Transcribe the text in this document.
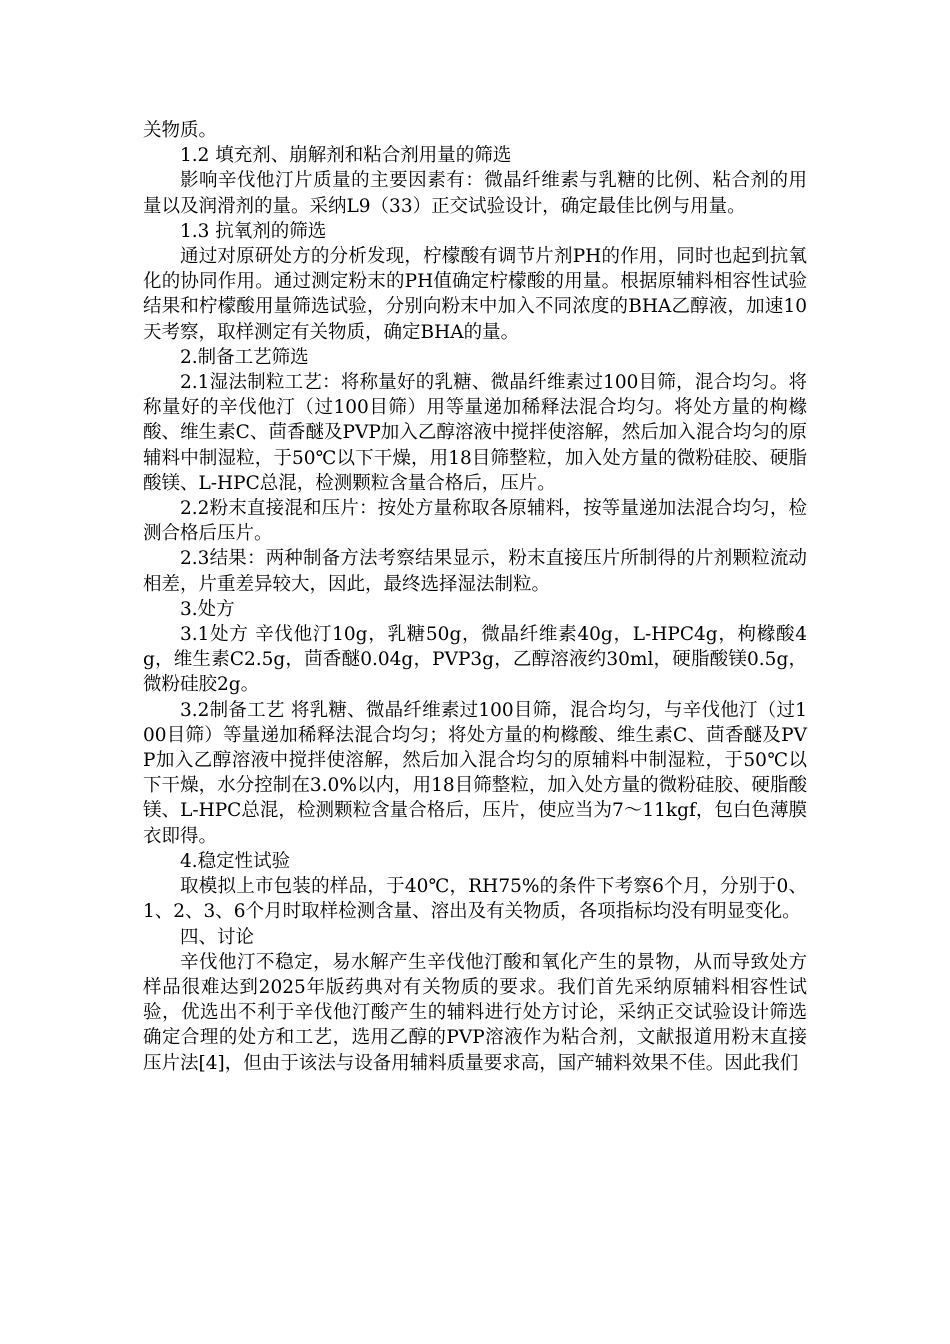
关物质。

1.2 填充剂、崩解剂和粘合剂用量的筛选

影响辛伐他汀片质量的主要因素有：微晶纤维素与乳糖的比例、粘合剂的用量以及润滑剂的量。采纳L9（33）正交试验设计，确定最佳比例与用量。

1.3 抗氧剂的筛选

通过对原研处方的分析发现，柠檬酸有调节片剂PH的作用，同时也起到抗氧化的协同作用。通过测定粉末的PH值确定柠檬酸的用量。根据原辅料相容性试验结果和柠檬酸用量筛选试验，分别向粉末中加入不同浓度的BHA乙醇液，加速10天考察，取样测定有关物质，确定BHA的量。

2.制备工艺筛选

2.1湿法制粒工艺：将称量好的乳糖、微晶纤维素过100目筛，混合均匀。将称量好的辛伐他汀（过100目筛）用等量递加稀释法混合均匀。将处方量的枸橼酸、维生素C、茴香醚及PVP加入乙醇溶液中搅拌使溶解，然后加入混合均匀的原辅料中制湿粒，于50℃以下干燥，用18目筛整粒，加入处方量的微粉硅胶、硬脂酸镁、L-HPC总混，检测颗粒含量合格后，压片。

2.2粉末直接混和压片：按处方量称取各原辅料，按等量递加法混合均匀，检测合格后压片。

2.3结果：两种制备方法考察结果显示，粉末直接压片所制得的片剂颗粒流动相差，片重差异较大，因此，最终选择湿法制粒。

3.处方

3.1处方 辛伐他汀10g，乳糖50g，微晶纤维素40g，L-HPC4g，枸橼酸4g，维生素C2.5g，茴香醚0.04g，PVP3g，乙醇溶液约30ml，硬脂酸镁0.5g，微粉硅胶2g。

3.2制备工艺 将乳糖、微晶纤维素过100目筛，混合均匀，与辛伐他汀（过100目筛）等量递加稀释法混合均匀；将处方量的枸橼酸、维生素C、茴香醚及PVP加入乙醇溶液中搅拌使溶解，然后加入混合均匀的原辅料中制湿粒，于50℃以下干燥，水分控制在3.0%以内，用18目筛整粒，加入处方量的微粉硅胶、硬脂酸镁、L-HPC总混，检测颗粒含量合格后，压片，使应当为7～11kgf，包白色薄膜衣即得。

4.稳定性试验

取模拟上市包装的样品，于40℃，RH75%的条件下考察6个月，分别于0、1、2、3、6个月时取样检测含量、溶出及有关物质，各项指标均没有明显变化。

四、讨论

辛伐他汀不稳定，易水解产生辛伐他汀酸和氧化产生的景物，从而导致处方样品很难达到2025年版药典对有关物质的要求。我们首先采纳原辅料相容性试验，优选出不利于辛伐他汀酸产生的辅料进行处方讨论，采纳正交试验设计筛选确定合理的处方和工艺，选用乙醇的PVP溶液作为粘合剂，文献报道用粉末直接压片法[4]，但由于该法与设备用辅料质量要求高，国产辅料效果不佳。因此我们
